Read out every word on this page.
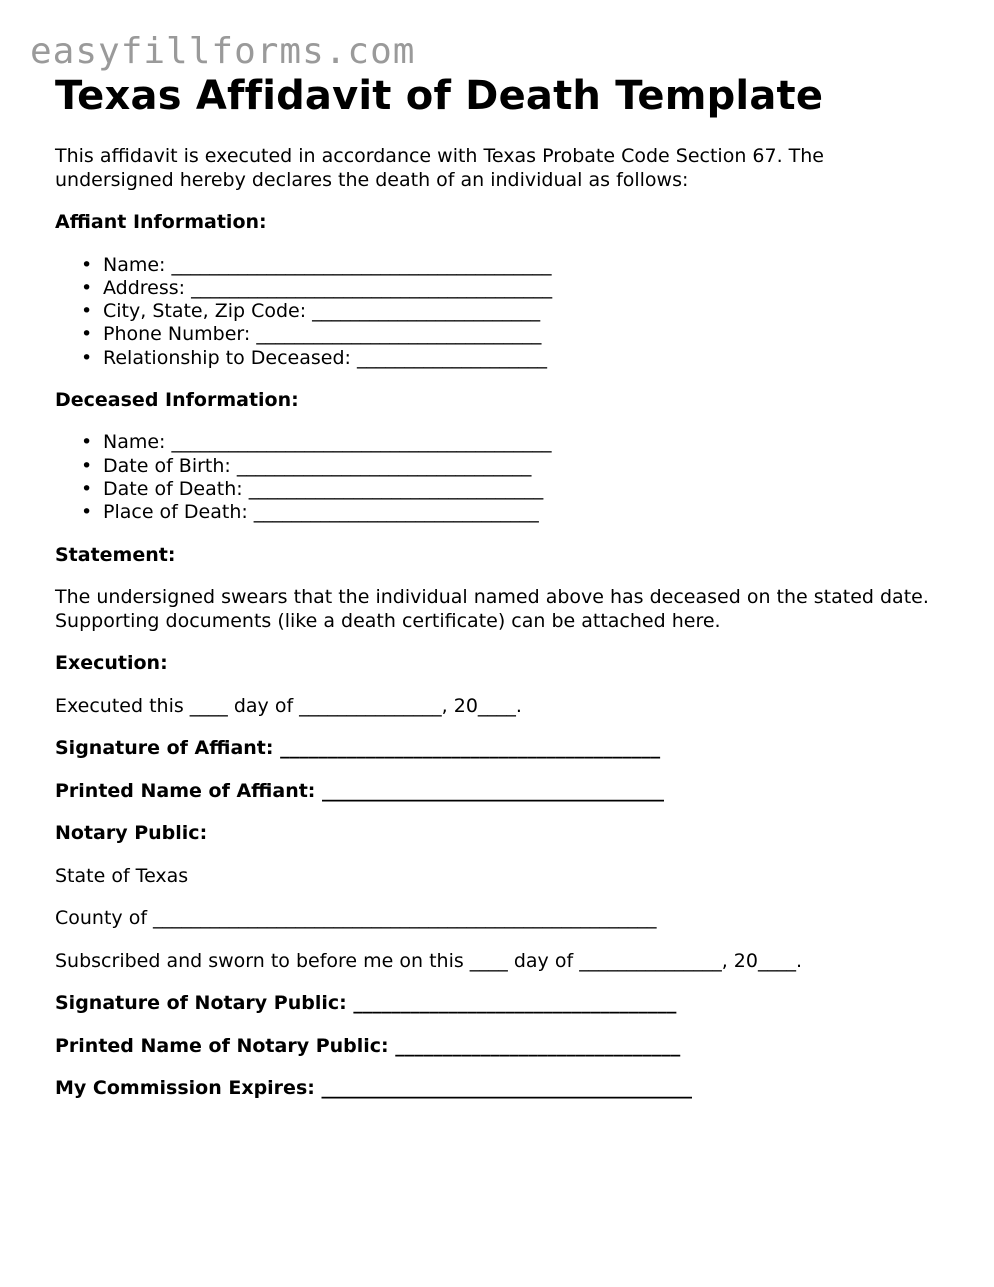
easyfillforms.com
Texas Affidavit of Death Template

This affidavit is executed in accordance with Texas Probate Code Section 67. The undersigned hereby declares the death of an individual as follows:

Affiant Information:
• Name: ________________________________________
• Address: ______________________________________
• City, State, Zip Code: ________________________
• Phone Number: ______________________________
• Relationship to Deceased: ____________________
Deceased Information:
• Name: ________________________________________
• Date of Birth: _______________________________
• Date of Death: _______________________________
• Place of Death: ______________________________
Statement:

The undersigned swears that the individual named above has deceased on the stated date. Supporting documents (like a death certificate) can be attached here.

Execution:
Executed this ____ day of _______________, 20____.
Signature of Affiant: ________________________________________
Printed Name of Affiant: ____________________________________
Notary Public:
State of Texas
County of _____________________________________________________
Subscribed and sworn to before me on this ____ day of _______________, 20____.
Signature of Notary Public: __________________________________
Printed Name of Notary Public: ______________________________
My Commission Expires: _______________________________________
